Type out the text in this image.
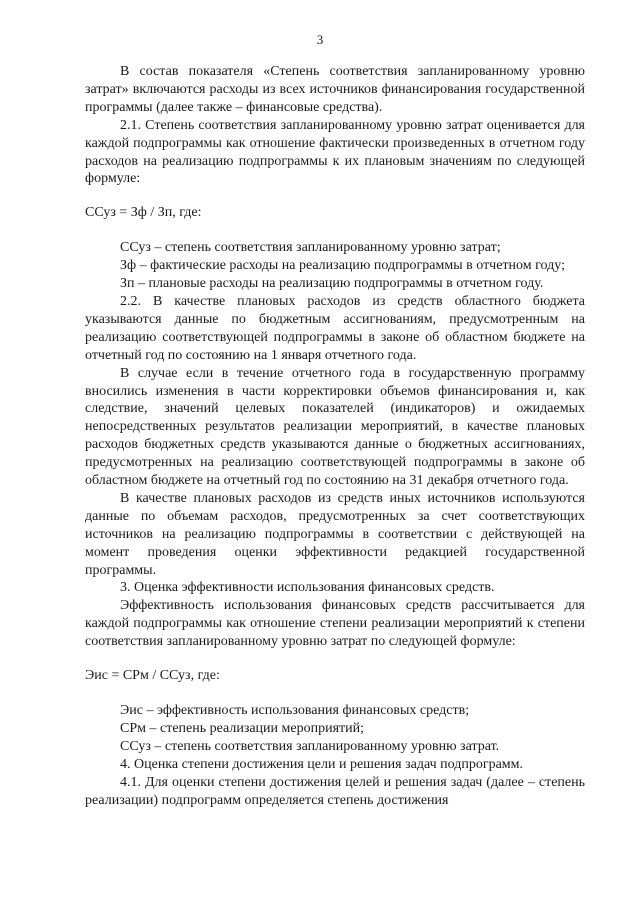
3

В состав показателя «Степень соответствия запланированному уровню затрат» включаются расходы из всех источников финансирования государственной программы (далее также – финансовые средства).

2.1. Степень соответствия запланированному уровню затрат оценивается для каждой подпрограммы как отношение фактически произведенных в отчетном году расходов на реализацию подпрограммы к их плановым значениям по следующей формуле:

ССуз = Зф / Зп, где:

ССуз – степень соответствия запланированному уровню затрат;

Зф – фактические расходы на реализацию подпрограммы в отчетном году;

Зп – плановые расходы на реализацию подпрограммы в отчетном году.

2.2. В качестве плановых расходов из средств областного бюджета указываются данные по бюджетным ассигнованиям, предусмотренным на реализацию соответствующей подпрограммы в законе об областном бюджете на отчетный год по состоянию на 1 января отчетного года.

В случае если в течение отчетного года в государственную программу вносились изменения в части корректировки объемов финансирования и, как следствие, значений целевых показателей (индикаторов) и ожидаемых непосредственных результатов реализации мероприятий, в качестве плановых расходов бюджетных средств указываются данные о бюджетных ассигнованиях, предусмотренных на реализацию соответствующей подпрограммы в законе об областном бюджете на отчетный год по состоянию на 31 декабря отчетного года.

В качестве плановых расходов из средств иных источников используются данные по объемам расходов, предусмотренных за счет соответствующих источников на реализацию подпрограммы в соответствии с действующей на момент проведения оценки эффективности редакцией государственной программы.

3. Оценка эффективности использования финансовых средств.

Эффективность использования финансовых средств рассчитывается для каждой подпрограммы как отношение степени реализации мероприятий к степени соответствия запланированному уровню затрат по следующей формуле:

Эис = СРм / ССуз, где:

Эис – эффективность использования финансовых средств;

СРм – степень реализации мероприятий;

ССуз – степень соответствия запланированному уровню затрат.

4. Оценка степени достижения цели и решения задач подпрограмм.

4.1. Для оценки степени достижения целей и решения задач (далее – степень реализации) подпрограмм определяется степень достижения
